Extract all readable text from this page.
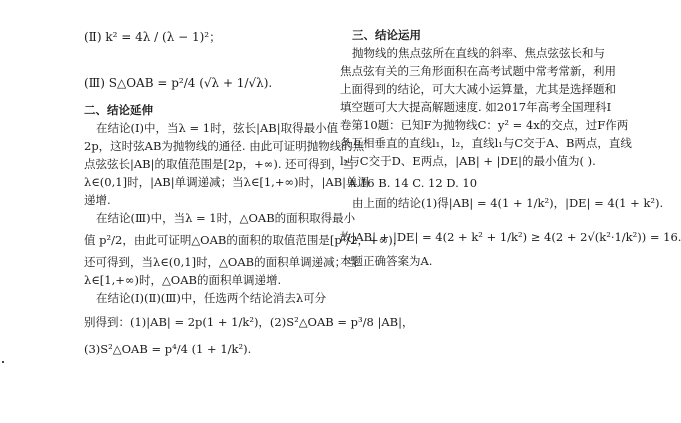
(Ⅱ) k² = 4λ / (λ − 1)²；
(Ⅲ) S△OAB = p²/4 (√λ + 1/√λ).
二、结论延伸
在结论(Ⅰ)中，当λ = 1时，弦长|AB|取得最小值
2p，这时弦AB为抛物线的通径. 由此可证明抛物线的焦
点弦弦长|AB|的取值范围是[2p，+∞). 还可得到，当
λ∈(0,1]时，|AB|单调递减；当λ∈[1,+∞)时，|AB|单调
递增.
在结论(Ⅲ)中，当λ = 1时，△OAB的面积取得最小
值 p²/2，由此可证明△OAB的面积的取值范围是[p²/2，+∞)，
还可得到，当λ∈(0,1]时，△OAB的面积单调递减；当
λ∈[1,+∞)时，△OAB的面积单调递增.
在结论(Ⅰ)(Ⅱ)(Ⅲ)中，任选两个结论消去λ可分
别得到：(1)|AB| = 2p(1 + 1/k²)，(2)S²△OAB = p³/8 |AB|，
(3)S²△OAB = p⁴/4 (1 + 1/k²).
三、结论运用
抛物线的焦点弦所在直线的斜率、焦点弦弦长和与
焦点弦有关的三角形面积在高考试题中常考常新，利用
上面得到的结论，可大大减小运算量，尤其是选择题和
填空题可大大提高解题速度. 如2017年高考全国理科Ⅰ
卷第10题：已知F为抛物线C：y² = 4x的交点，过F作两
条互相垂直的直线l₁，l₂，直线l₁与C交于A、B两点，直线
l₂与C交于D、E两点，|AB| + |DE|的最小值为( ).
A.16 B. 14 C. 12 D. 10
由上面的结论(1)得|AB| = 4(1 + 1/k²)，|DE| = 4(1 + k²).
故|AB| + |DE| = 4(2 + k² + 1/k²) ≥ 4(2 + 2√(k²·1/k²)) = 16.
本题正确答案为A.
